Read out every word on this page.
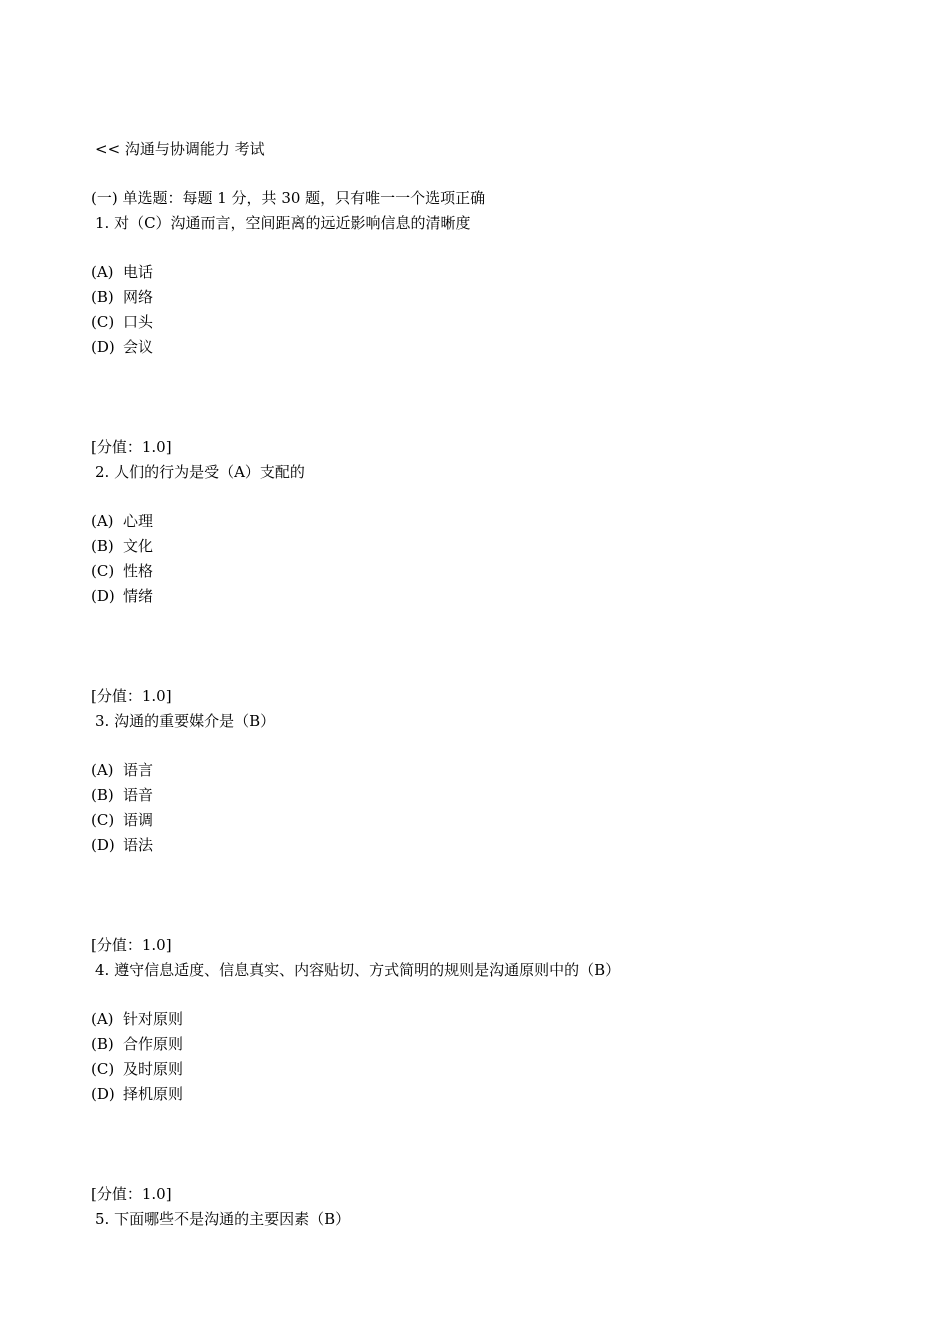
<< 沟通与协调能力 考试
(一) 单选题：每题 1 分，共 30 题，只有唯一一个选项正确
1. 对（C）沟通而言，空间距离的远近影响信息的清晰度
(A) 电话
(B) 网络
(C) 口头
(D) 会议
[分值：1.0]
2. 人们的行为是受（A）支配的
(A) 心理
(B) 文化
(C) 性格
(D) 情绪
[分值：1.0]
3. 沟通的重要媒介是（B）
(A) 语言
(B) 语音
(C) 语调
(D) 语法
[分值：1.0]
4. 遵守信息适度、信息真实、内容贴切、方式简明的规则是沟通原则中的（B）
(A) 针对原则
(B) 合作原则
(C) 及时原则
(D) 择机原则
[分值：1.0]
5. 下面哪些不是沟通的主要因素（B）
